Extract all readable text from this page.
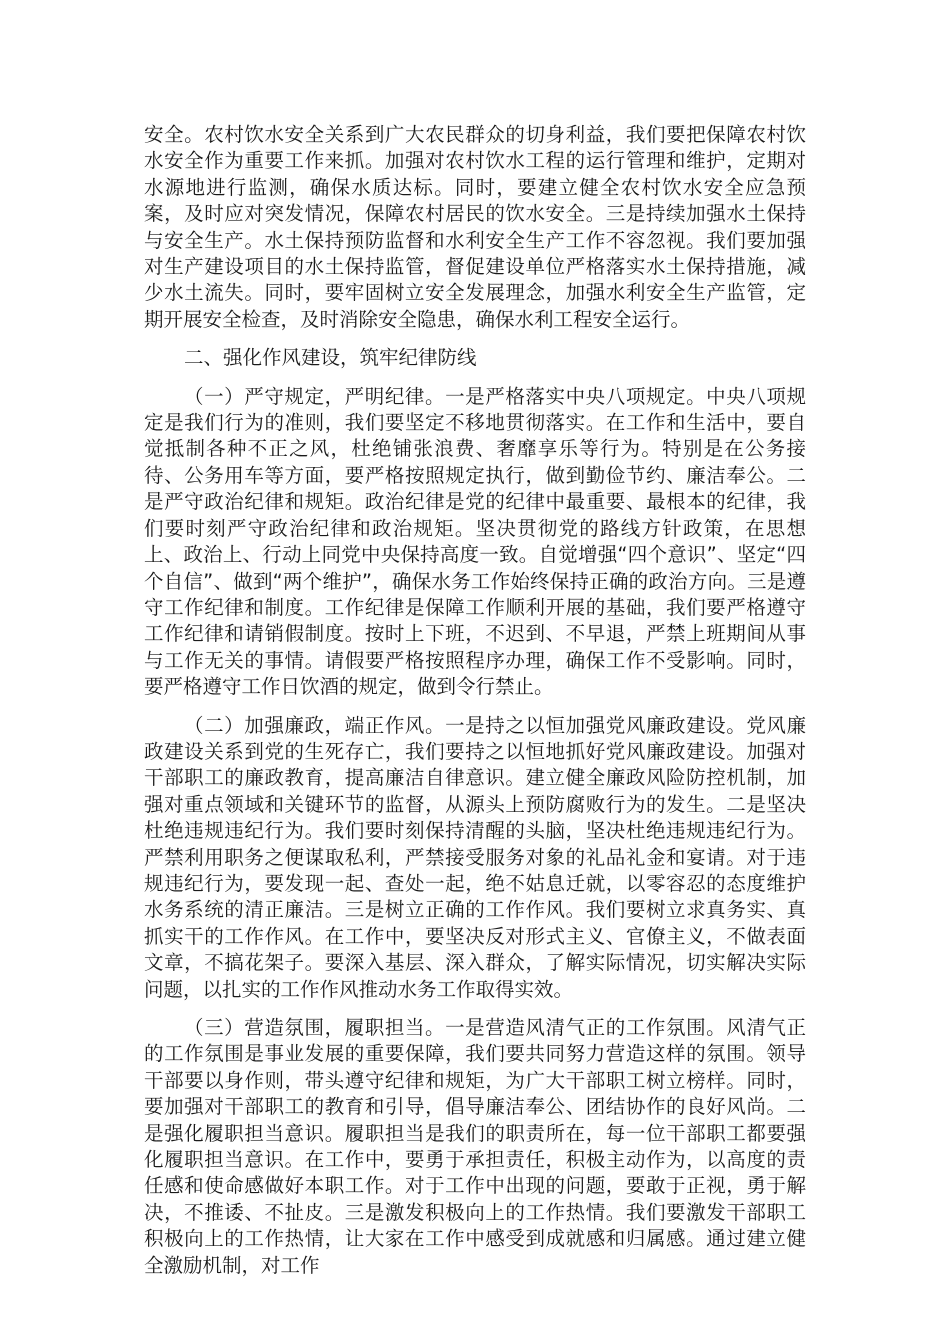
安全。农村饮水安全关系到广大农民群众的切身利益，我们要把保障农村饮水安全作为重要工作来抓。加强对农村饮水工程的运行管理和维护，定期对水源地进行监测，确保水质达标。同时，要建立健全农村饮水安全应急预案，及时应对突发情况，保障农村居民的饮水安全。三是持续加强水土保持与安全生产。水土保持预防监督和水利安全生产工作不容忽视。我们要加强对生产建设项目的水土保持监管，督促建设单位严格落实水土保持措施，减少水土流失。同时，要牢固树立安全发展理念，加强水利安全生产监管，定期开展安全检查，及时消除安全隐患，确保水利工程安全运行。

二、强化作风建设，筑牢纪律防线

（一）严守规定，严明纪律。一是严格落实中央八项规定。中央八项规定是我们行为的准则，我们要坚定不移地贯彻落实。在工作和生活中，要自觉抵制各种不正之风，杜绝铺张浪费、奢靡享乐等行为。特别是在公务接待、公务用车等方面，要严格按照规定执行，做到勤俭节约、廉洁奉公。二是严守政治纪律和规矩。政治纪律是党的纪律中最重要、最根本的纪律，我们要时刻严守政治纪律和政治规矩。坚决贯彻党的路线方针政策，在思想上、政治上、行动上同党中央保持高度一致。自觉增强“四个意识”、坚定“四个自信”、做到“两个维护”，确保水务工作始终保持正确的政治方向。三是遵守工作纪律和制度。工作纪律是保障工作顺利开展的基础，我们要严格遵守工作纪律和请销假制度。按时上下班，不迟到、不早退，严禁上班期间从事与工作无关的事情。请假要严格按照程序办理，确保工作不受影响。同时，要严格遵守工作日饮酒的规定，做到令行禁止。

（二）加强廉政，端正作风。一是持之以恒加强党风廉政建设。党风廉政建设关系到党的生死存亡，我们要持之以恒地抓好党风廉政建设。加强对干部职工的廉政教育，提高廉洁自律意识。建立健全廉政风险防控机制，加强对重点领域和关键环节的监督，从源头上预防腐败行为的发生。二是坚决杜绝违规违纪行为。我们要时刻保持清醒的头脑，坚决杜绝违规违纪行为。严禁利用职务之便谋取私利，严禁接受服务对象的礼品礼金和宴请。对于违规违纪行为，要发现一起、查处一起，绝不姑息迁就，以零容忍的态度维护水务系统的清正廉洁。三是树立正确的工作作风。我们要树立求真务实、真抓实干的工作作风。在工作中，要坚决反对形式主义、官僚主义，不做表面文章，不搞花架子。要深入基层、深入群众，了解实际情况，切实解决实际问题，以扎实的工作作风推动水务工作取得实效。

（三）营造氛围，履职担当。一是营造风清气正的工作氛围。风清气正的工作氛围是事业发展的重要保障，我们要共同努力营造这样的氛围。领导干部要以身作则，带头遵守纪律和规矩，为广大干部职工树立榜样。同时，要加强对干部职工的教育和引导，倡导廉洁奉公、团结协作的良好风尚。二是强化履职担当意识。履职担当是我们的职责所在，每一位干部职工都要强化履职担当意识。在工作中，要勇于承担责任，积极主动作为，以高度的责任感和使命感做好本职工作。对于工作中出现的问题，要敢于正视，勇于解决，不推诿、不扯皮。三是激发积极向上的工作热情。我们要激发干部职工积极向上的工作热情，让大家在工作中感受到成就感和归属感。通过建立健全激励机制，对工作
